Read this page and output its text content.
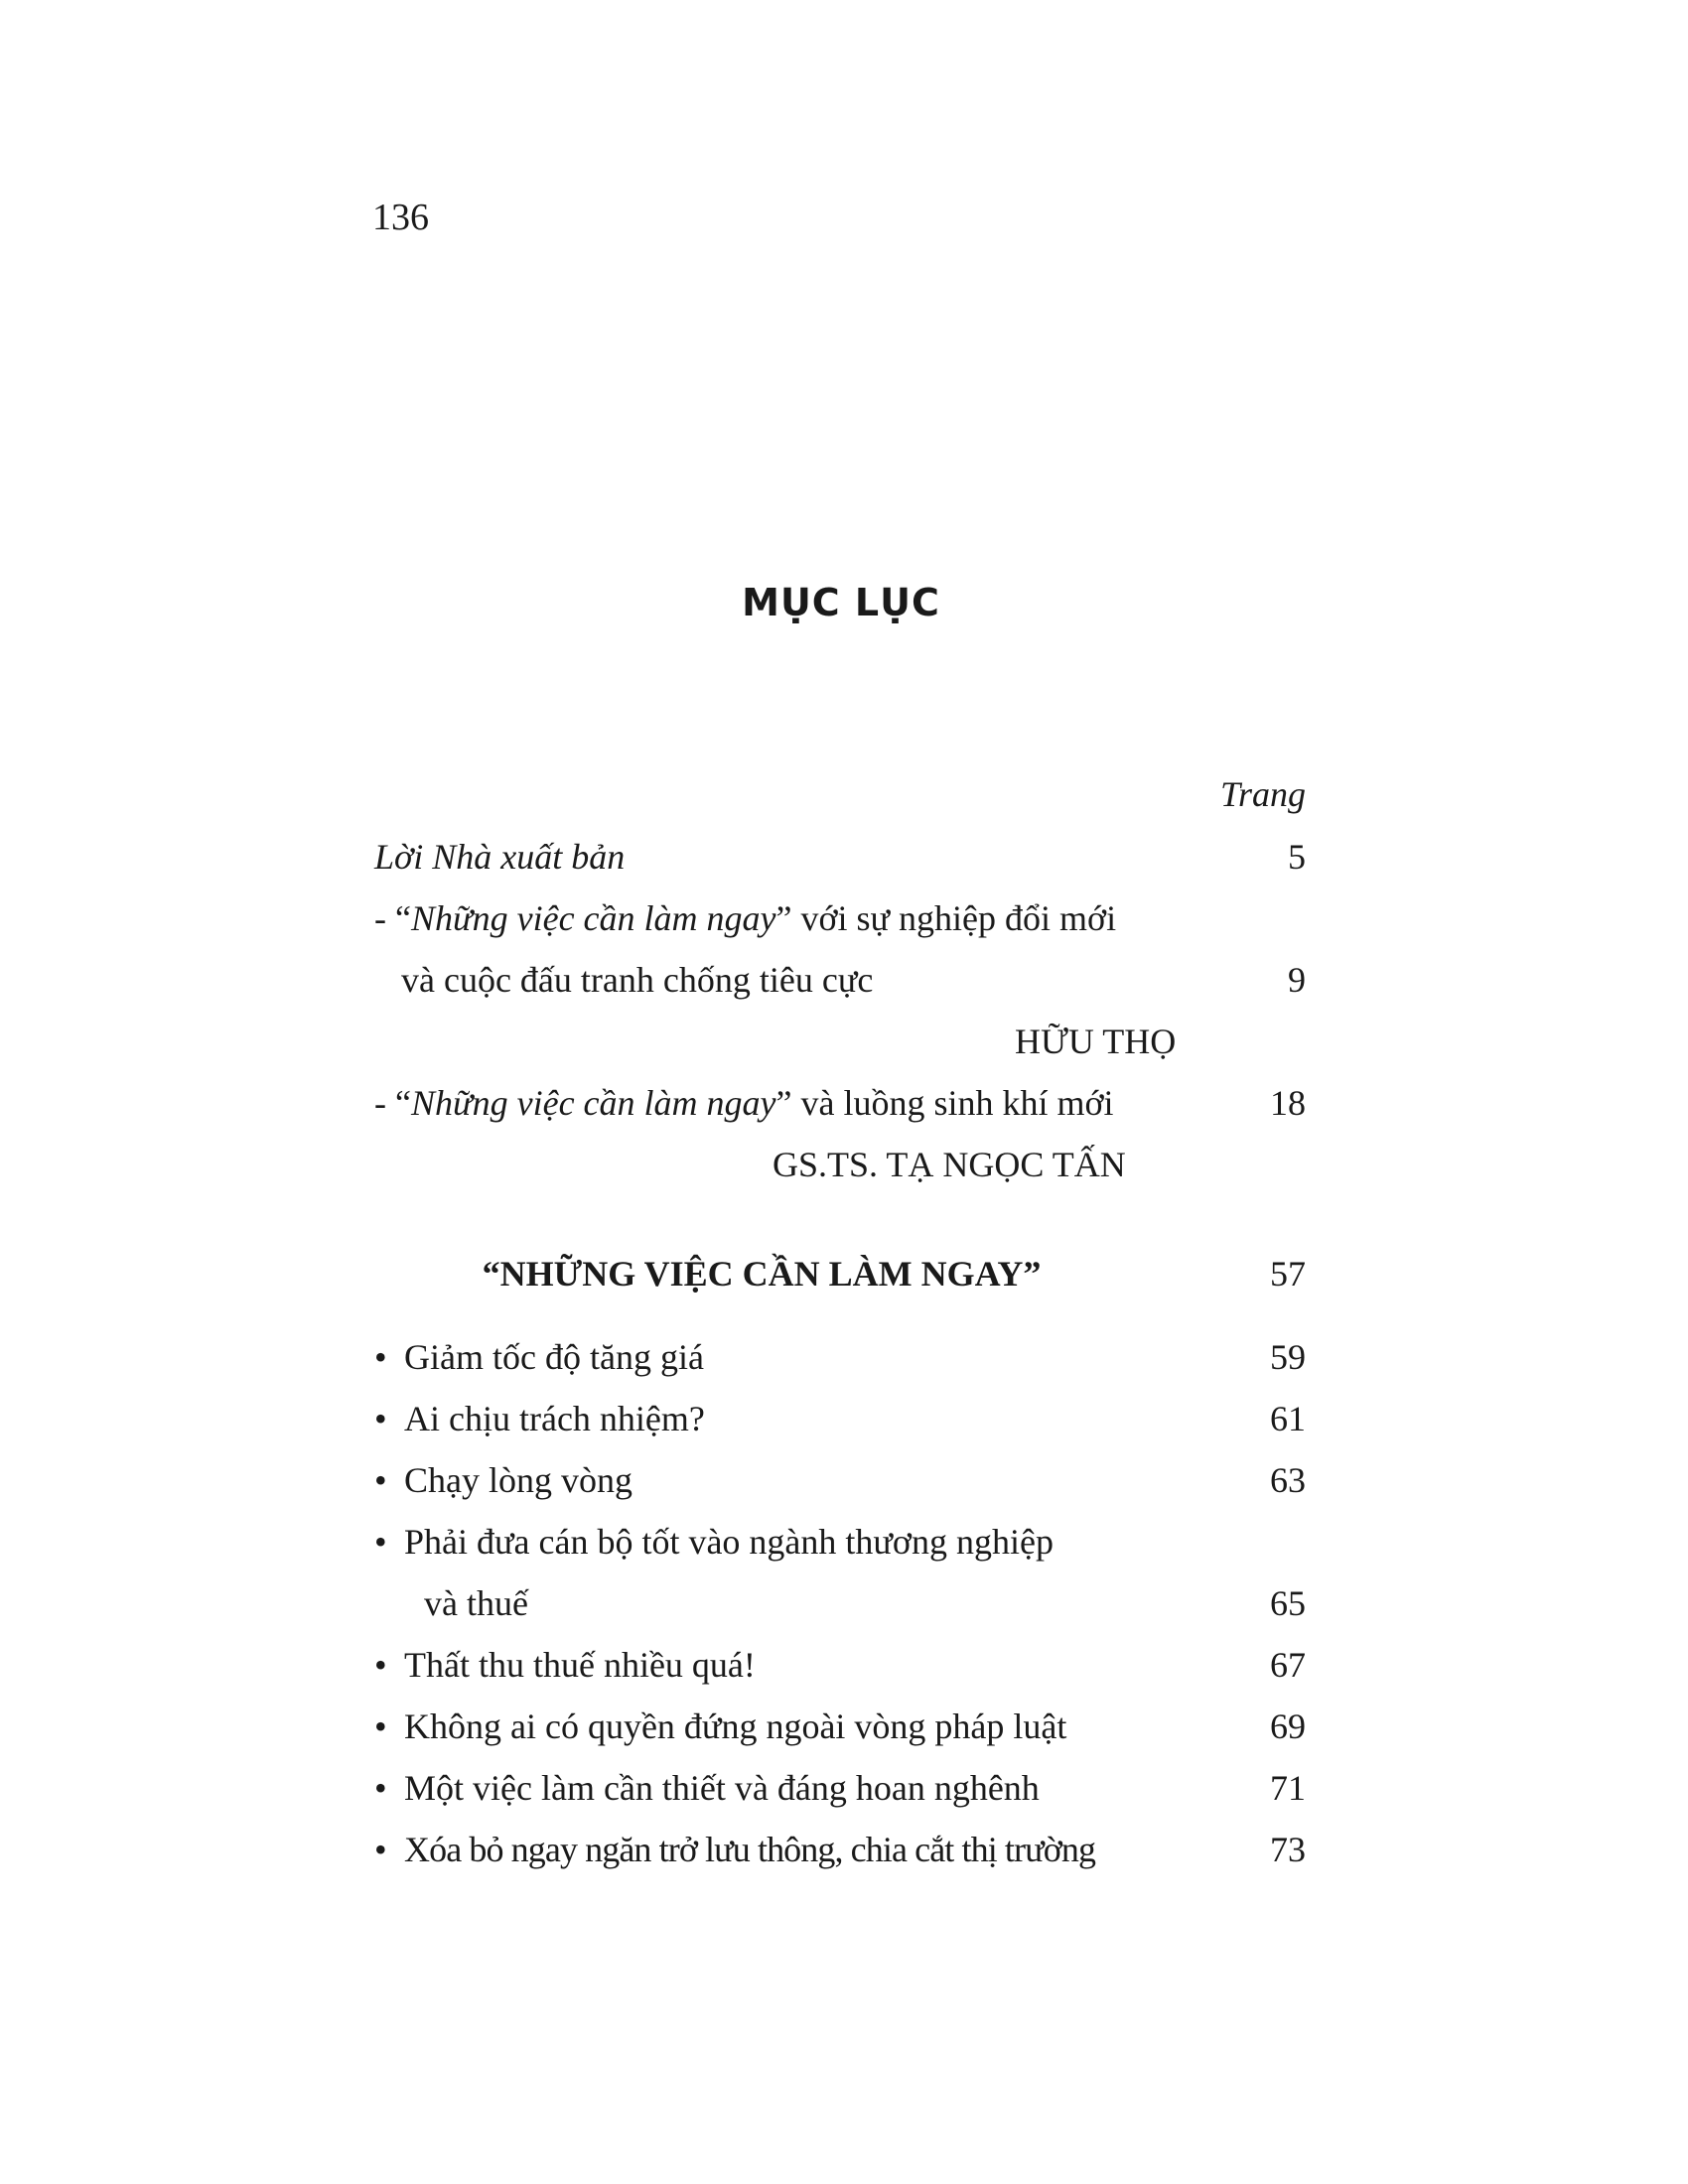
136
MỤC LỤC
Trang
Lời Nhà xuất bản	5
- “Những việc cần làm ngay” với sự nghiệp đổi mới
và cuộc đấu tranh chống tiêu cực	9
HỮU THỌ
- “Những việc cần làm ngay” và luồng sinh khí mới	18
GS.TS. TẠ NGỌC TẤN
“NHỮNG VIỆC CẦN LÀM NGAY”	57
• Giảm tốc độ tăng giá	59
• Ai chịu trách nhiệm?	61
• Chạy lòng vòng	63
• Phải đưa cán bộ tốt vào ngành thương nghiệp
và thuế	65
• Thất thu thuế nhiều quá!	67
• Không ai có quyền đứng ngoài vòng pháp luật	69
• Một việc làm cần thiết và đáng hoan nghênh	71
• Xóa bỏ ngay ngăn trở lưu thông, chia cắt thị trường	73
